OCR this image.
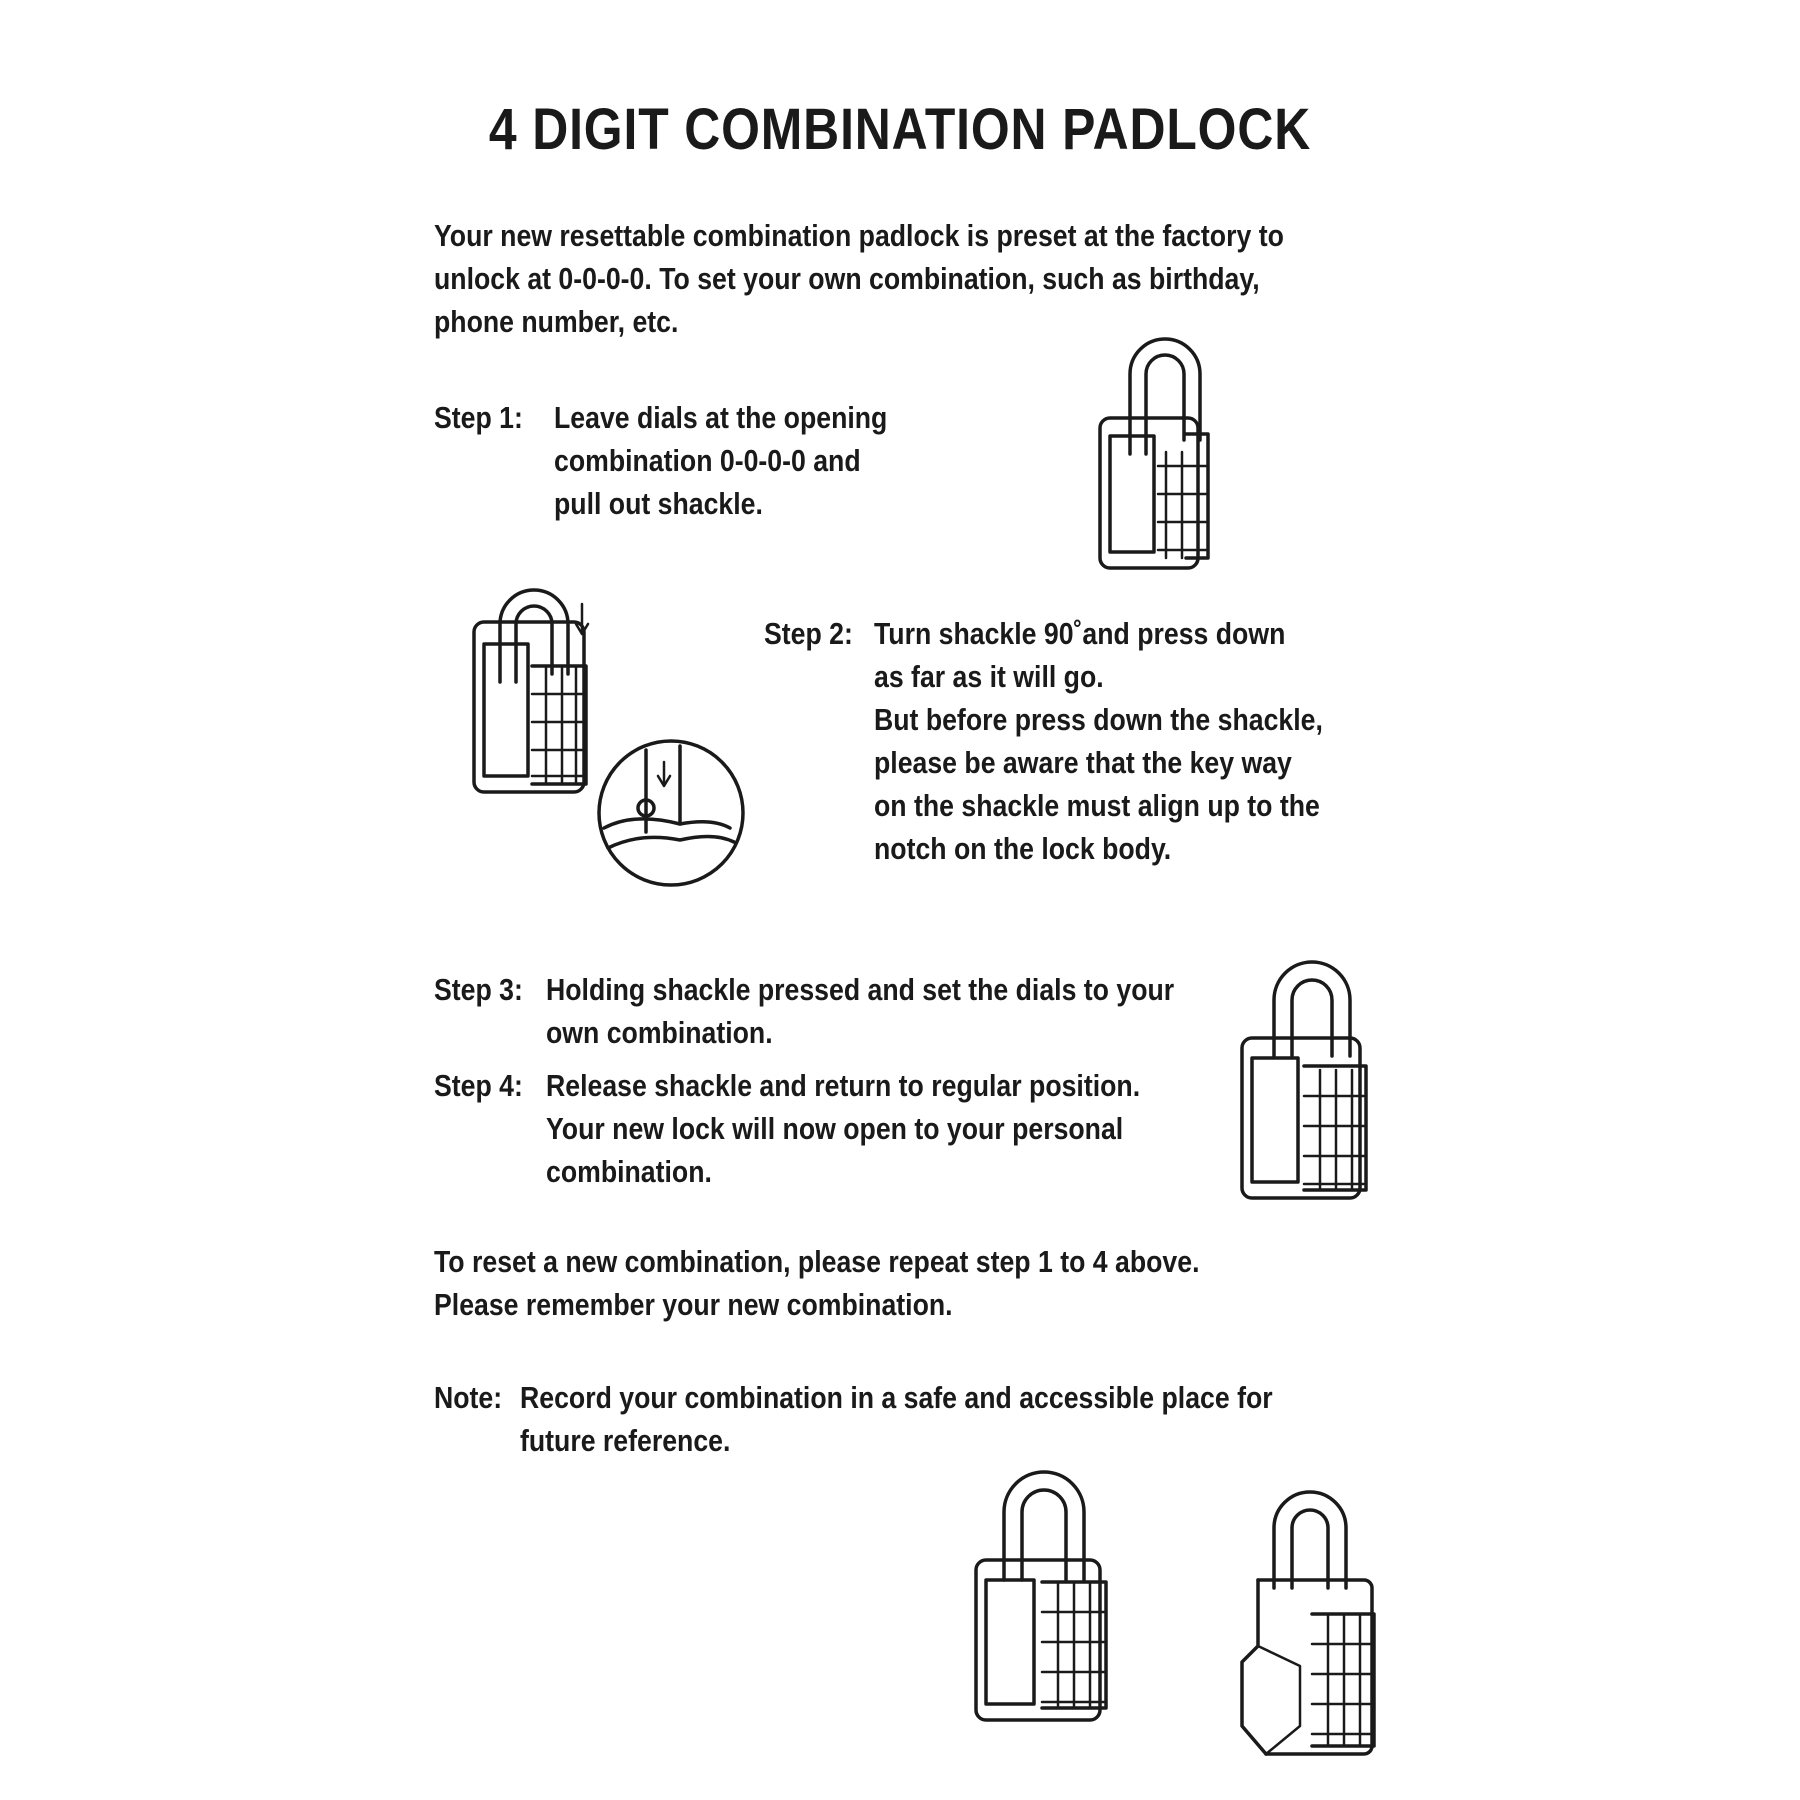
4 DIGIT COMBINATION PADLOCK
Your new resettable combination padlock is preset at the factory to
unlock at 0-0-0-0. To set your own combination, such as birthday,
phone number, etc.
Step 1: Leave dials at the opening
combination 0-0-0-0 and
pull out shackle.
Step 2: Turn shackle 90˚and press down
as far as it will go.
But before press down the shackle,
please be aware that the key way
on the shackle must align up to the
notch on the lock body.
Step 3: Holding shackle pressed and set the dials to your
own combination.
Step 4: Release shackle and return to regular position.
Your new lock will now open to your personal
combination.
To reset a new combination, please repeat step 1 to 4 above.
Please remember your new combination.
Note: Record your combination in a safe and accessible place for
future reference.
